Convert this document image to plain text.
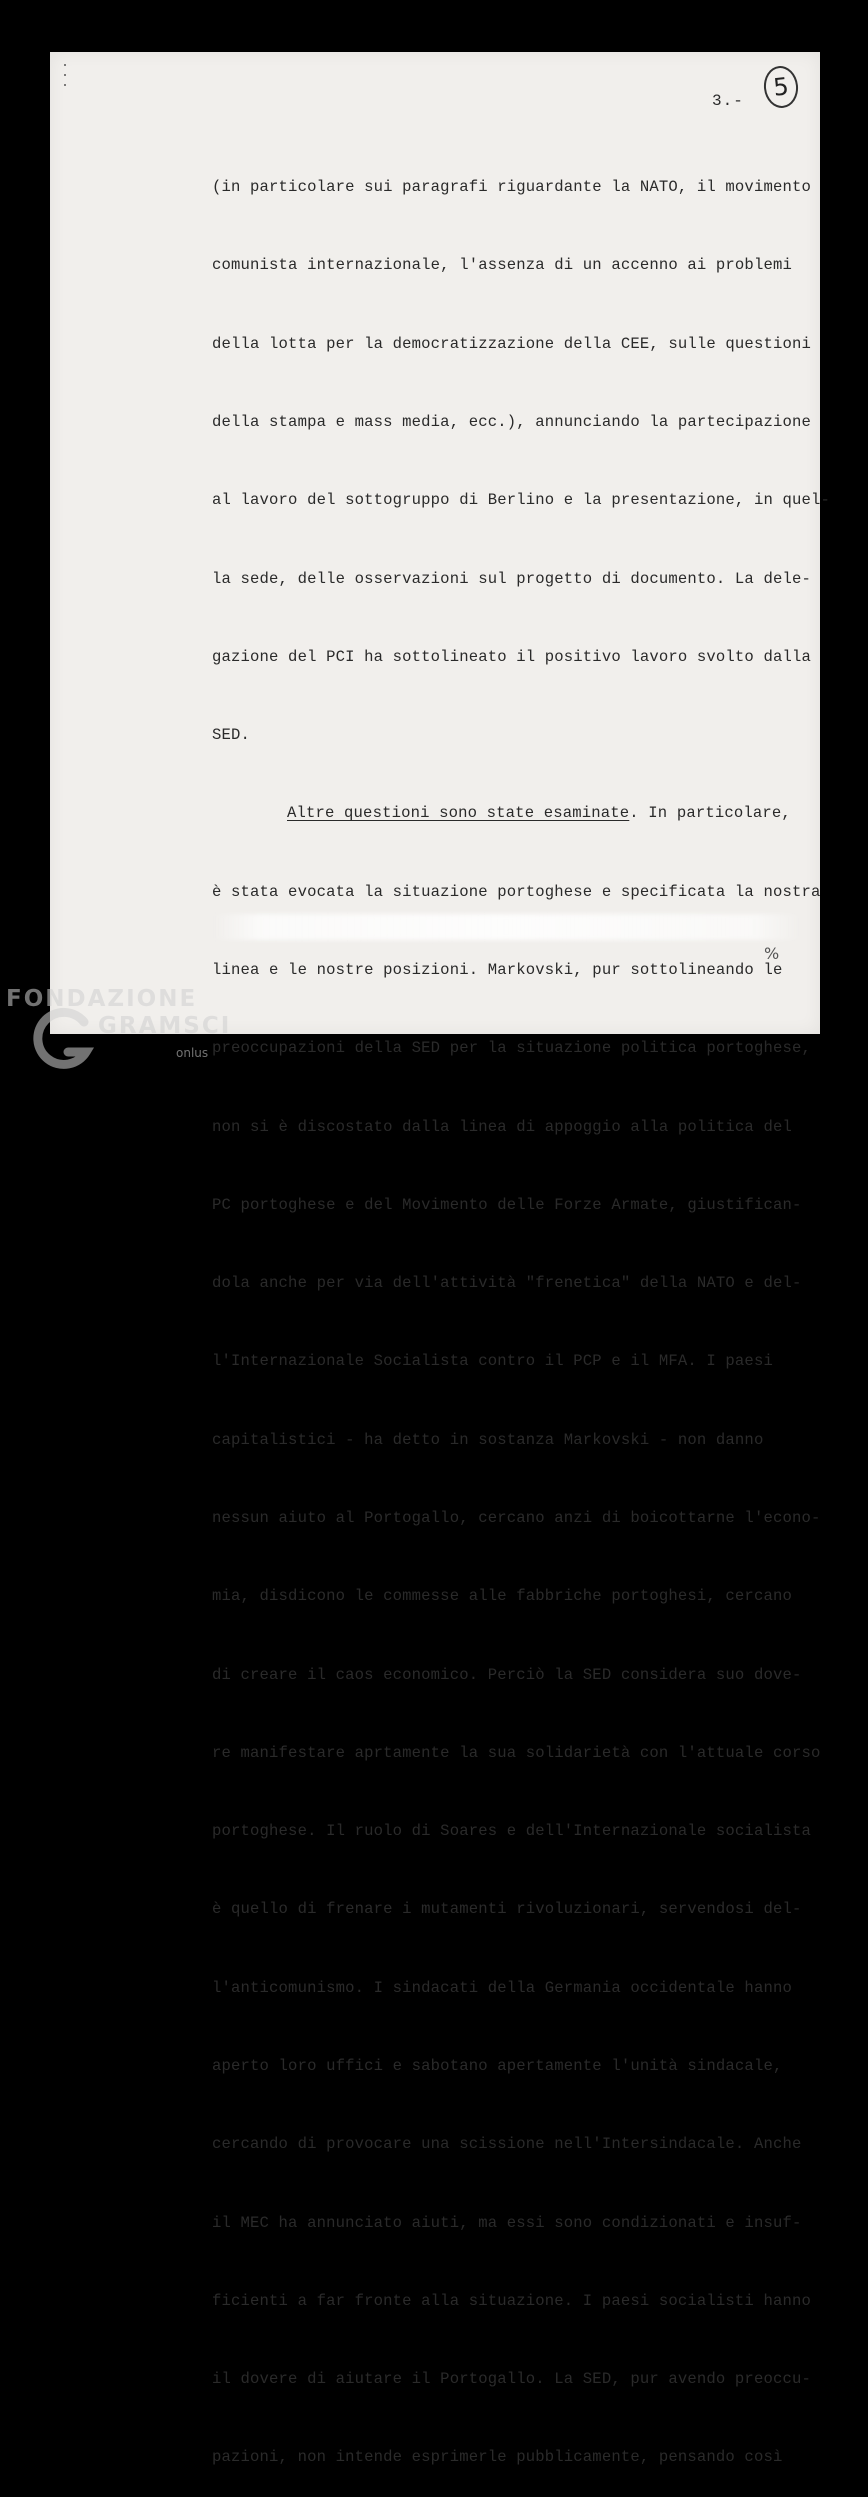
3.- 5

(in particolare sui paragrafi riguardante la NATO, il movimento

comunista internazionale, l'assenza di un accenno ai problemi

della lotta per la democratizzazione della CEE, sulle questioni

della stampa e mass media, ecc.), annunciando la partecipazione

al lavoro del sottogruppo di Berlino e la presentazione, in quel-

la sede, delle osservazioni sul progetto di documento. La dele-

gazione del PCI ha sottolineato il positivo lavoro svolto dalla

SED.

Altre questioni sono state esaminate. In particolare,

è stata evocata la situazione portoghese e specificata la nostra

linea e le nostre posizioni. Markovski, pur sottolineando le

preoccupazioni della SED per la situazione politica portoghese,

non si è discostato dalla linea di appoggio alla politica del

PC portoghese e del Movimento delle Forze Armate, giustifican-

dola anche per via dell'attività "frenetica" della NATO e del-

l'Internazionale Socialista contro il PCP e il MFA. I paesi

capitalistici - ha detto in sostanza Markovski - non danno

nessun aiuto al Portogallo, cercano anzi di boicottarne l'econo-

mia, disdicono le commesse alle fabbriche portoghesi, cercano

di creare il caos economico. Perciò la SED considera suo dove-

re manifestare aprtamente la sua solidarietà con l'attuale corso

portoghese. Il ruolo di Soares e dell'Internazionale socialista

è quello di frenare i mutamenti rivoluzionari, servendosi del-

l'anticomunismo. I sindacati della Germania occidentale hanno

aperto loro uffici e sabotano apertamente l'unità sindacale,

cercando di provocare una scissione nell'Intersindacale. Anche

il MEC ha annunciato aiuti, ma essi sono condizionati e insuf-

ficienti a far fronte alla situazione. I paesi socialisti hanno

il dovere di aiutare il Portogallo. La SED, pur avendo preoccu-

pazioni, non intende esprimerle pubblicamente, pensando così

%
FONDAZIONE
GRAMSCI
onlus
